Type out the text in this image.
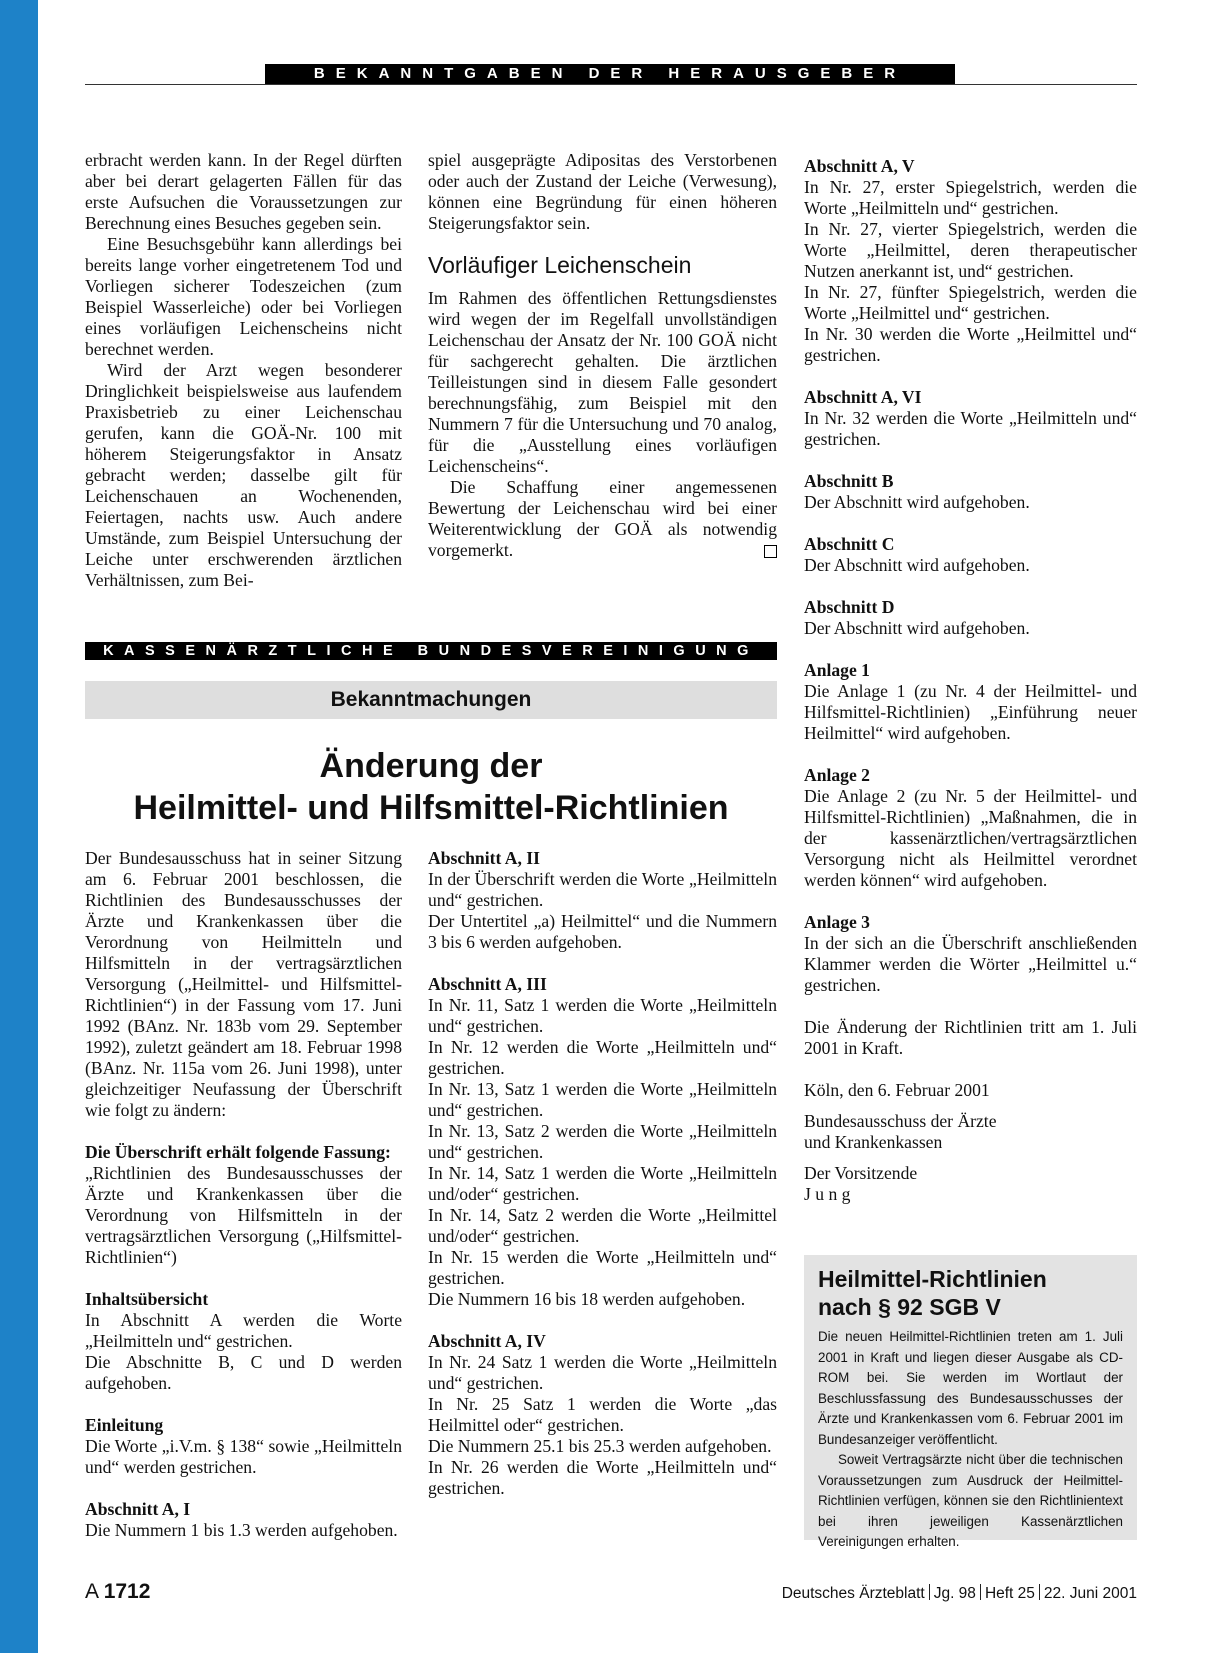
BEKANNTGABEN DER HERAUSGEBER

erbracht werden kann. In der Regel dürften aber bei derart gelagerten Fällen für das erste Aufsuchen die Voraussetzungen zur Berechnung eines Besuches gegeben sein.

Eine Besuchsgebühr kann allerdings bei bereits lange vorher eingetretenem Tod und Vorliegen sicherer Todeszeichen (zum Beispiel Wasserleiche) oder bei Vorliegen eines vorläufigen Leichenscheins nicht berechnet werden.

Wird der Arzt wegen besonderer Dringlichkeit beispielsweise aus laufendem Praxisbetrieb zu einer Leichenschau gerufen, kann die GOÄ-Nr. 100 mit höherem Steigerungsfaktor in Ansatz gebracht werden; dasselbe gilt für Leichenschauen an Wochenenden, Feiertagen, nachts usw. Auch andere Umstände, zum Beispiel Untersuchung der Leiche unter erschwerenden ärztlichen Verhältnissen, zum Bei-

spiel ausgeprägte Adipositas des Verstorbenen oder auch der Zustand der Leiche (Verwesung), können eine Begründung für einen höheren Steigerungsfaktor sein.

Vorläufiger Leichenschein

Im Rahmen des öffentlichen Rettungsdienstes wird wegen der im Regelfall unvollständigen Leichenschau der Ansatz der Nr. 100 GOÄ nicht für sachgerecht gehalten. Die ärztlichen Teilleistungen sind in diesem Falle gesondert berechnungsfähig, zum Beispiel mit den Nummern 7 für die Untersuchung und 70 analog, für die „Ausstellung eines vorläufigen Leichenscheins“.

Die Schaffung einer angemessenen Bewertung der Leichenschau wird bei einer Weiterentwicklung der GOÄ als notwendig vorgemerkt.

KASSENÄRZTLICHE BUNDESVEREINIGUNG
Bekanntmachungen
Änderung der
Heilmittel- und Hilfsmittel-Richtlinien

Der Bundesausschuss hat in seiner Sitzung am 6. Februar 2001 beschlossen, die Richtlinien des Bundesausschusses der Ärzte und Krankenkassen über die Verordnung von Heilmitteln und Hilfsmitteln in der vertragsärztlichen Versorgung („Heilmittel- und Hilfsmittel-Richtlinien“) in der Fassung vom 17. Juni 1992 (BAnz. Nr. 183b vom 29. September 1992), zuletzt geändert am 18. Februar 1998 (BAnz. Nr. 115a vom 26. Juni 1998), unter gleichzeitiger Neufassung der Überschrift wie folgt zu ändern:

Die Überschrift erhält folgende Fassung:

„Richtlinien des Bundesausschusses der Ärzte und Krankenkassen über die Verordnung von Hilfsmitteln in der vertragsärztlichen Versorgung („Hilfsmittel-Richtlinien“)

Inhaltsübersicht

In Abschnitt A werden die Worte „Heilmitteln und“ gestrichen.

Die Abschnitte B, C und D werden aufgehoben.

Einleitung

Die Worte „i.V.m. § 138“ sowie „Heilmitteln und“ werden gestrichen.

Abschnitt A, I

Die Nummern 1 bis 1.3 werden aufgehoben.

Abschnitt A, II

In der Überschrift werden die Worte „Heilmitteln und“ gestrichen.

Der Untertitel „a) Heilmittel“ und die Nummern 3 bis 6 werden aufgehoben.

Abschnitt A, III

In Nr. 11, Satz 1 werden die Worte „Heilmitteln und“ gestrichen.

In Nr. 12 werden die Worte „Heilmitteln und“ gestrichen.

In Nr. 13, Satz 1 werden die Worte „Heilmitteln und“ gestrichen.

In Nr. 13, Satz 2 werden die Worte „Heilmitteln und“ gestrichen.

In Nr. 14, Satz 1 werden die Worte „Heilmitteln und/oder“ gestrichen.

In Nr. 14, Satz 2 werden die Worte „Heilmittel und/oder“ gestrichen.

In Nr. 15 werden die Worte „Heilmitteln und“ gestrichen.

Die Nummern 16 bis 18 werden aufgehoben.

Abschnitt A, IV

In Nr. 24 Satz 1 werden die Worte „Heilmitteln und“ gestrichen.

In Nr. 25 Satz 1 werden die Worte „das Heilmittel oder“ gestrichen.

Die Nummern 25.1 bis 25.3 werden aufgehoben.

In Nr. 26 werden die Worte „Heilmitteln und“ gestrichen.

Abschnitt A, V

In Nr. 27, erster Spiegelstrich, werden die Worte „Heilmitteln und“ gestrichen.

In Nr. 27, vierter Spiegelstrich, werden die Worte „Heilmittel, deren therapeutischer Nutzen anerkannt ist, und“ gestrichen.

In Nr. 27, fünfter Spiegelstrich, werden die Worte „Heilmittel und“ gestrichen.

In Nr. 30 werden die Worte „Heilmittel und“ gestrichen.

Abschnitt A, VI

In Nr. 32 werden die Worte „Heilmitteln und“ gestrichen.

Abschnitt B

Der Abschnitt wird aufgehoben.

Abschnitt C

Der Abschnitt wird aufgehoben.

Abschnitt D

Der Abschnitt wird aufgehoben.

Anlage 1

Die Anlage 1 (zu Nr. 4 der Heilmittel- und Hilfsmittel-Richtlinien) „Einführung neuer Heilmittel“ wird aufgehoben.

Anlage 2

Die Anlage 2 (zu Nr. 5 der Heilmittel- und Hilfsmittel-Richtlinien) „Maßnahmen, die in der kassenärztlichen/vertragsärztlichen Versorgung nicht als Heilmittel verordnet werden können“ wird aufgehoben.

Anlage 3

In der sich an die Überschrift anschließenden Klammer werden die Wörter „Heilmittel u.“ gestrichen.

Die Änderung der Richtlinien tritt am 1. Juli 2001 in Kraft.

Köln, den 6. Februar 2001

Bundesausschuss der Ärzte

und Krankenkassen

Der Vorsitzende

J u n g

Heilmittel-Richtlinien
nach § 92 SGB V

Die neuen Heilmittel-Richtlinien treten am 1. Juli 2001 in Kraft und liegen dieser Ausgabe als CD-ROM bei. Sie werden im Wortlaut der Beschlussfassung des Bundesausschusses der Ärzte und Krankenkassen vom 6. Februar 2001 im Bundesanzeiger veröffentlicht.

Soweit Vertragsärzte nicht über die technischen Voraussetzungen zum Ausdruck der Heilmittel-Richtlinien verfügen, können sie den Richtlinientext bei ihren jeweiligen Kassenärztlichen Vereinigungen erhalten.

A 1712	Deutsches Ärzteblatt Jg. 98 Heft 25 22. Juni 2001
